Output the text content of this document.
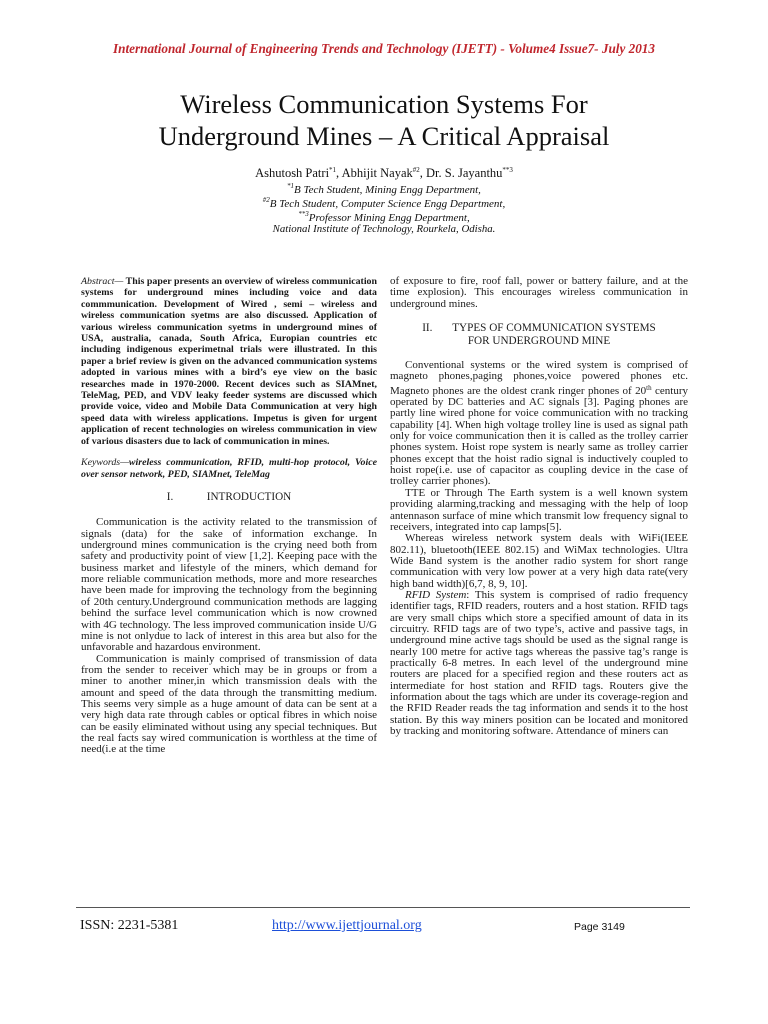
International Journal of Engineering Trends and Technology (IJETT) - Volume4 Issue7- July 2013
Wireless Communication Systems For
Underground Mines – A Critical Appraisal
Ashutosh Patri$^{*1}$, Abhijit Nayak$^{\#2}$, Dr. S. Jayanthu$^{**3}$
$^{*1}$B Tech Student, Mining Engg Department,
$^{\#2}$B Tech Student, Computer Science Engg Department,
$^{**3}$Professor Mining Engg Department,
National Institute of Technology, Rourkela, Odisha.
Abstract— This paper presents an overview of wireless communication systems for underground mines including voice and data commmunication. Development of Wired , semi – wireless and wireless communication syetms are also discussed. Application of various wireless communication syetms in underground mines of USA, australia, canada, South Africa, Europian countries etc including indigenous experimetnal trials were illustrated. In this paper a brief review is given on the advanced communication systems adopted in various mines with a bird’s eye view on the basic researches made in 1970-2000. Recent devices such as SIAMnet, TeleMag, PED, and VDV leaky feeder systems are discussed which provide voice, video and Mobile Data Communication at very high speed data with wireless applications. Impetus is given for urgent application of recent technologies on wireless communication in view of various disasters due to lack of communication in mines.
Keywords—wireless communication, RFID, multi-hop protocol, Voice over sensor network, PED, SIAMnet, TeleMag
I.	INTRODUCTION

Communication is the activity related to the transmission of signals (data) for the sake of information exchange. In underground mines communication is the crying need both from safety and productivity point of view [1,2]. Keeping pace with the business market and lifestyle of the miners, which demand for more reliable communication methods, more and more researches have been made for improving the technology from the beginning of 20th century.Underground communication methods are lagging behind the surface level communication which is now crowned with 4G technology. The less improved communication inside U/G mine is not onlydue to lack of interest in this area but also for the unfavorable and hazardous environment.

Communication is mainly comprised of transmission of data from the sender to receiver which may be in groups or from a miner to another miner,in which transmission deals with the amount and speed of the data through the transmitting medium. This seems very simple as a huge amount of data can be sent at a very high data rate through cables or optical fibres in which noise can be easily eliminated without using any special techniques. But the real facts say wired communication is worthless at the time of need(i.e at the time

of exposure to fire, roof fall, power or battery failure, and at the time explosion). This encourages wireless communication in underground mines.

II. TYPES OF COMMUNICATION SYSTEMS
FOR UNDERGROUND MINE

Conventional systems or the wired system is comprised of magneto phones,paging phones,voice powered phones etc. Magneto phones are the oldest crank ringer phones of 20th century operated by DC batteries and AC signals [3]. Paging phones are partly line wired phone for voice communication with no tracking capability [4]. When high voltage trolley line is used as signal path only for voice communication then it is called as the trolley carrier phones system. Hoist rope system is nearly same as trolley carrier phones except that the hoist radio signal is inductively coupled to hoist rope(i.e. use of capacitor as coupling device in the case of trolley carrier phones).

TTE or Through The Earth system is a well known system providing alarming,tracking and messaging with the help of loop antennason surface of mine which transmit low frequency signal to receivers, integrated into cap lamps[5].

Whereas wireless network system deals with WiFi(IEEE 802.11), bluetooth(IEEE 802.15) and WiMax technologies. Ultra Wide Band system is the another radio system for short range communication with very low power at a very high data rate(very high band width)[6,7, 8, 9, 10].

RFID System: This system is comprised of radio frequency identifier tags, RFID readers, routers and a host station. RFID tags are very small chips which store a specified amount of data in its circuitry. RFID tags are of two type’s, active and passive tags, in underground mine active tags should be used as the signal range is nearly 100 metre for active tags whereas the passive tag’s range is practically 6-8 metres. In each level of the underground mine routers are placed for a specified region and these routers act as intermediate for host station and RFID tags. Routers give the information about the tags which are under its coverage-region and the RFID Reader reads the tag information and sends it to the host station. By this way miners position can be located and monitored by tracking and monitoring software. Attendance of miners can

ISSN: 2231-5381	http://www.ijettjournal.org	Page 3149
